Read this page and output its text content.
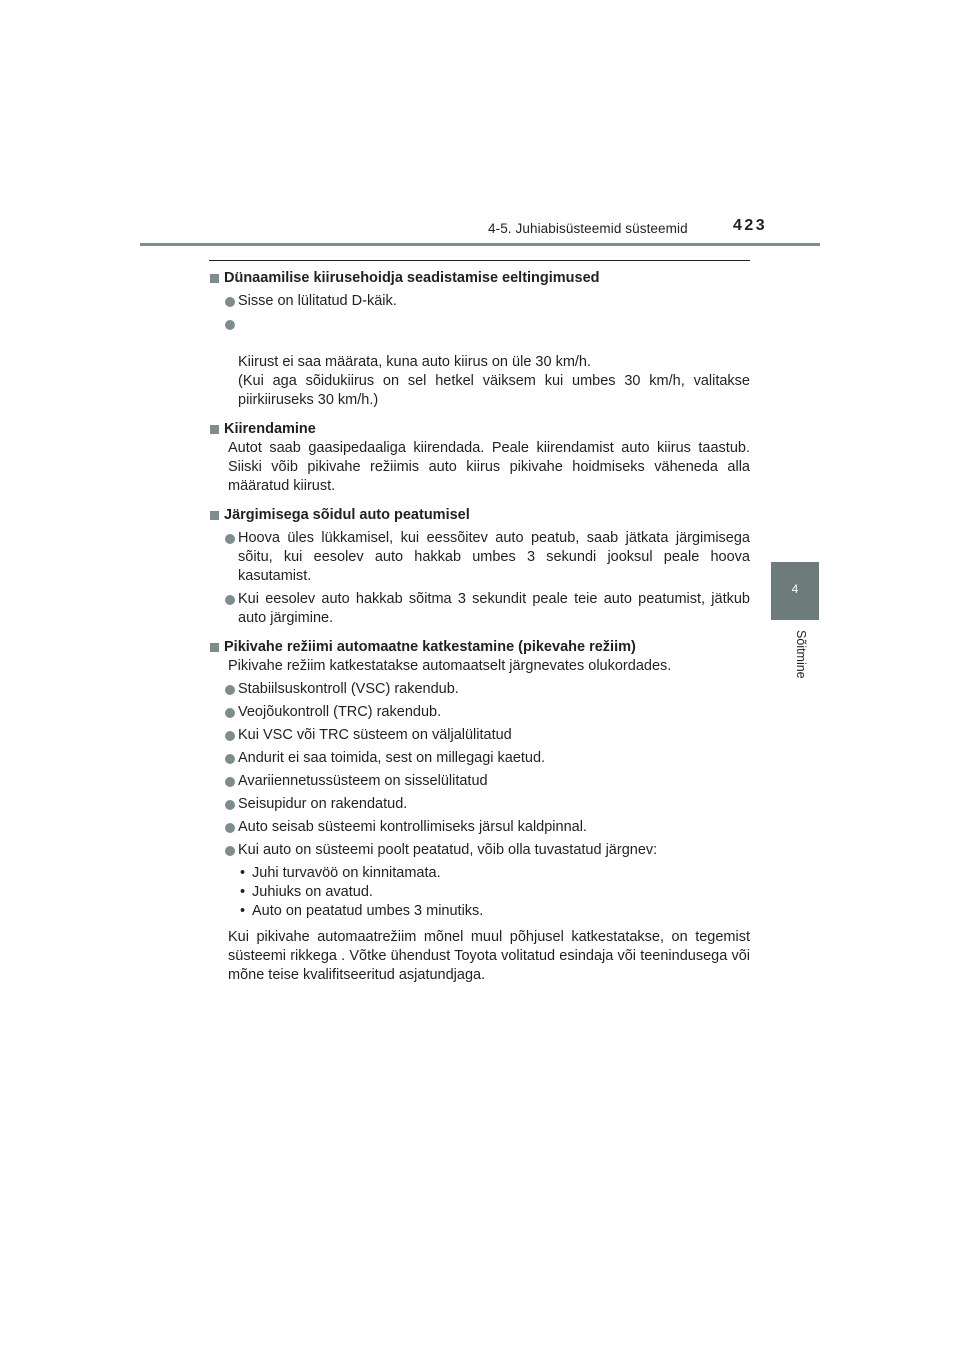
4-5. Juhiabisüsteemid süsteemid	423
4
Sõitmine
Dünaamilise kiirusehoidja seadistamise eeltingimused
Sisse on lülitatud D-käik.

Kiirust ei saa määrata, kuna auto kiirus on üle 30 km/h.
(Kui aga sõidukiirus on sel hetkel väiksem kui umbes 30 km/h, valitakse piirkiiruseks 30 km/h.)

Kiirendamine
Autot saab gaasipedaaliga kiirendada. Peale kiirendamist auto kiirus taastub. Siiski võib pikivahe režiimis auto kiirus pikivahe hoidmiseks väheneda alla määratud kiirust.
Järgimisega sõidul auto peatumisel
Hoova üles lükkamisel, kui eessõitev auto peatub, saab jätkata järgimisega sõitu, kui eesolev auto hakkab umbes 3 sekundi jooksul peale hoova kasutamist.
Kui eesolev auto hakkab sõitma 3 sekundit peale teie auto peatumist, jätkub auto järgimine.
Pikivahe režiimi automaatne katkestamine (pikevahe režiim)
Pikivahe režiim katkestatakse automaatselt järgnevates olukordades.
Stabiilsuskontroll (VSC) rakendub.
Veojõukontroll (TRC) rakendub.
Kui VSC või TRC süsteem on väljalülitatud
Andurit ei saa toimida, sest on millegagi kaetud.
Avariiennetussüsteem on sisselülitatud
Seisupidur on rakendatud.
Auto seisab süsteemi kontrollimiseks järsul kaldpinnal.
Kui auto on süsteemi poolt peatatud, võib olla tuvastatud järgnev:
• Juhi turvavöö on kinnitamata.
• Juhiuks on avatud.
• Auto on peatatud umbes 3 minutiks.
Kui pikivahe automaatrežiim mõnel muul põhjusel katkestatakse, on tegemist süsteemi rikkega . Võtke ühendust Toyota volitatud esindaja või teenindusega või mõne teise kvalifitseeritud asjatundjaga.
